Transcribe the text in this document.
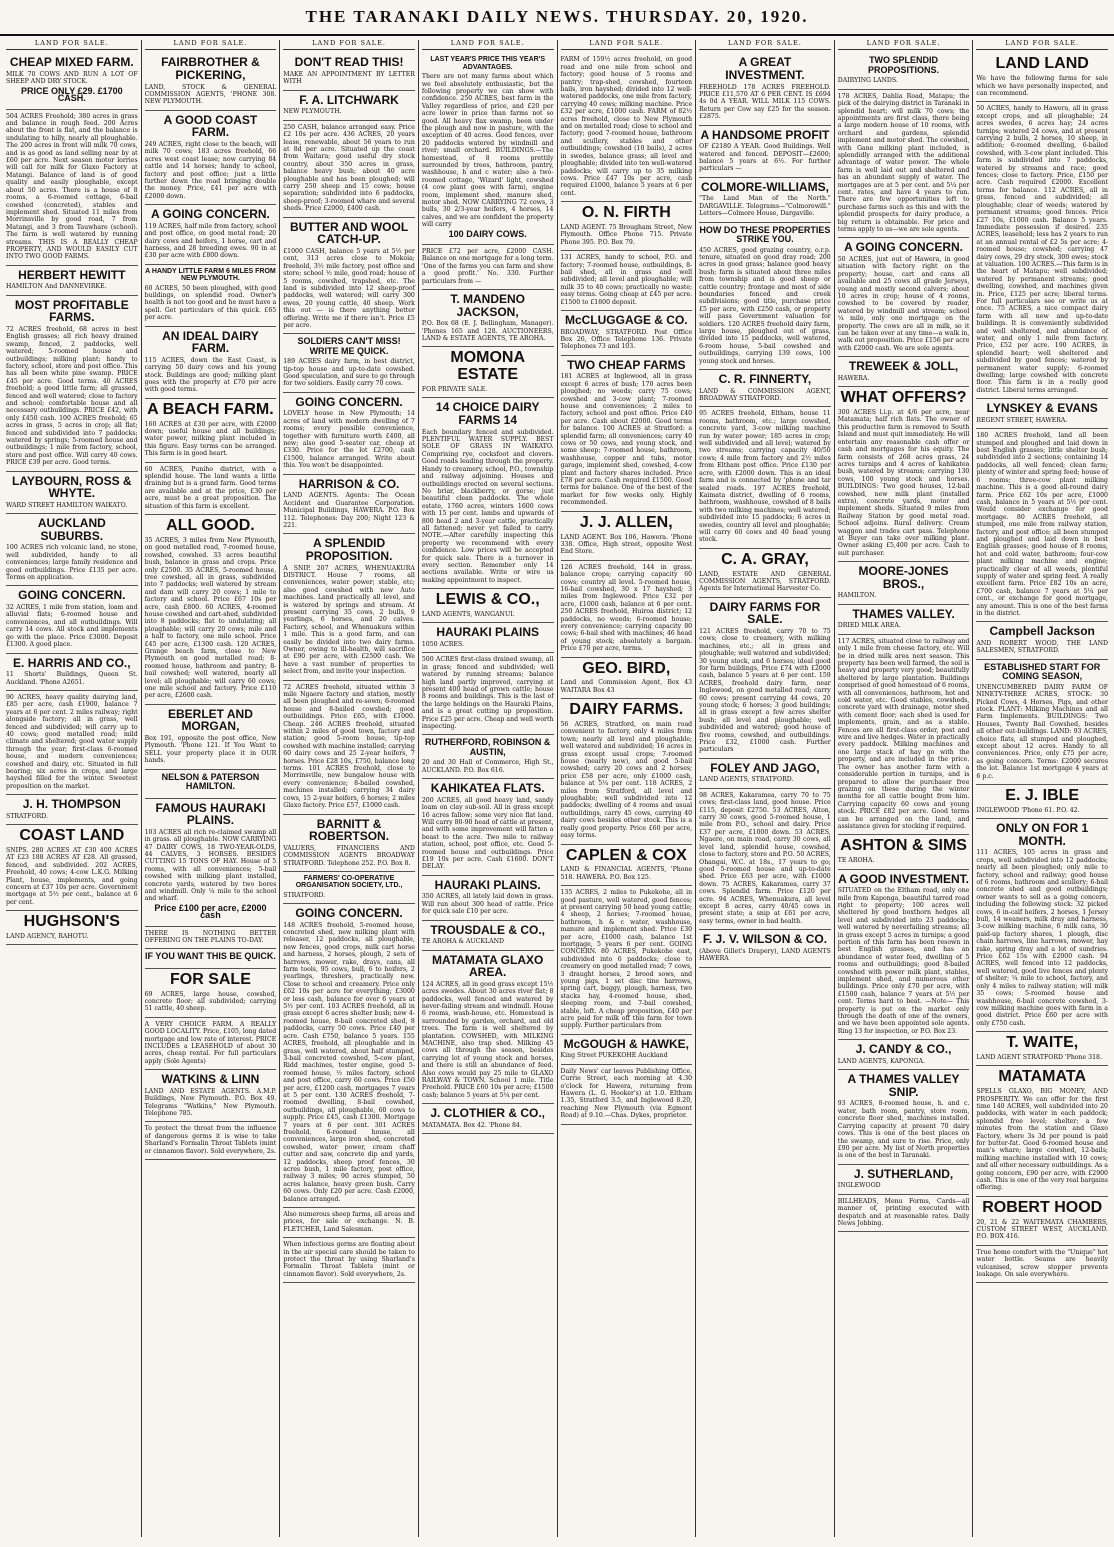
THE TARANAKI DAILY NEWS. THURSDAY. 20, 1920.
LAND FOR SALE.
CHEAP MIXED FARM.
MILK 70 COWS AND RUN A LOT OF SHEEP AND DRY STOCK.
PRICE ONLY £29. £1700 CASH.
504 ACRES Freehold; 380 acres in grass and balance in rough feed. 200 Acres about the front is flat, and the balance is undulating to hilly, nearly all ploughable. The 200 acres in front will milk 70 cows, and is as good as land selling near by at £60 per acre. Next season motor lorries will call for milk for Glaxo Factory at Matangi. Balance of land is of good quality and easily ploughable, except about 50 acres. There is a house of 8 rooms, a 6-roomed cottage, 6-bail cowshed (concreted), stables and implement shed. Situated 11 miles from Morrinsville by good road, 7 from Matangi, and 3 from Tauwhare (school). The farm is well watered by running streams. THIS IS A REALLY CHEAP PROPERTY, AND WOULD EASILY CUT INTO TWO GOOD FARMS.
HERBERT HEWITT
HAMILTON And DANNEVIRKE.
MOST PROFITABLE FARMS.
72 ACRES freehold, 68 acres in best English grasses; all rich heavy drained swamp, fenced, 2 paddocks, well watered; 5-roomed house and outbuildings; milking plant; handy to factory, school, store and post office. This has all been white pine swamp. PRICE £45 per acre. Good terms. 40 ACRES freehold; a good little farm; all grassed, fenced and well watered; close to factory and school; comfortable house and all necessary outbuildings. PRICE £42, with only £450 cash. 100 ACRES freehold; 65 acres in grass, 5 acres in crop; all flat; fenced and subdivided into 7 paddocks; watered by springs; 5-roomed house and outbuildings; 1 mile from factory, school, store and post office. Will carry 40 cows. PRICE £39 per acre. Good terms.
LAYBOURN, ROSS & WHYTE.
WARD STREET HAMILTON WAIKATO.
AUCKLAND SUBURBS.
100 ACRES rich volcanic land, no stone, well subdivided, handy to all conveniences; large family residence and good outbuildings. Price £135 per acre. Terms on application.
GOING CONCERN.
32 ACRES, 1 mile from station, loam and alluvial flats; 6-roomed house and conveniences, and all outbuildings. Will carry 14 cows. All stock and implements go with the place. Price £3000. Deposit £1300. A good place.
E. HARRIS AND CO.,
11 Shorts' Buildings, Queen St. Auckland. 'Phone A2651.
90 ACRES, heavy quality dairying land, £85 per acre, cash £1900, balance 7 years at 6 per cent. 2 miles railway; right alongside factory; all in grass, well fenced and subdivided; will carry up to 40 cows; good metalled road; mild climate and sheltered; good water supply through the year; first-class 6-roomed house, and modern conveniences; cowshed and dairy, etc. Situated in full bearing; six acres in crops, and large hayshed filled for the winter. Sweetest proposition on the market.
J. H. THOMPSON
STRATFORD.
COAST LAND
SNIPS. 280 ACRES AT £30 400 ACRES AT £23 188 ACRES AT £28. All grassed, fenced, and subdivided. 202 ACRES, Freehold, 40 cows; 4-cow L.K.G. Milking Plant, house, implements, and going concern at £37 10s per acre. Government mortgage at 5½ per cent., balance at 6 per cent.
HUGHSON'S
LAND AGENCY, RAHOTU.
LAND FOR SALE.
FAIRBROTHER & PICKERING,
LAND, STOCK & GENERAL COMMISSION AGENTS, 'PHONE 308. NEW PLYMOUTH.
A GOOD COAST FARM.
249 ACRES, right close to the beach, will milk 70 cows; 183 acres freehold, 66 acres west coast lease; now carrying 84 cattle and 14 horses; handy to school, factory and post office; just a little further down the road bringing double the money. Price, £41 per acre with £2000 down.
A GOING CONCERN.
119 ACRES, half mile from factory, school and post office, on good metal road; 20 dairy cows and heifers, 1 horse, cart and harness, and 28 breeding ewes. 90 in at £30 per acre with £800 down.
A HANDY LITTLE FARM 6 MILES FROM NEW PLYMOUTH.
60 ACRES, 50 been ploughed, with good buildings, on splendid road. Owner's health is not too good and he must have a spell. Get particulars of this quick. £65 per acre.
AN IDEAL DAIRY FARM.
115 ACRES, down the East Coast, is carrying 50 dairy cows and his young stock. Buildings are good; milking plant goes with the property at £70 per acre with good terms.
A BEACH FARM.
160 ACRES at £30 per acre, with £2000 down; useful house and all buildings; water power, milking plant included in this figure. Easy terms can be arranged. This farm is in good heart.
60 ACRES, Puniho district, with a splendid house. The land wants a little draining but is a grand farm. Good terms are available and at the price, £30 per acre, must be a great proposition. The situation of this farm is excellent.
ALL GOOD.
35 ACRES, 3 miles from New Plymouth, on good metalled road, 7-roomed house, cowshed, cowshed. 33 acres beautiful bush, balance in grass and crops. Price only £2500. 35 ACRES, 5-roomed house, tree cowshed, all in grass, subdivided into 7 paddocks; well watered by stream and dam will carry 20 cows; 1 mile to factory and school. Price £67 10s per acre, cash £800. 60 ACRES, 4-roomed house cowshed and cart-shed, subdivided into 8 paddocks; flat to undulating; all ploughable; will carry 20 cows; mile and a half to factory, one mile school. Price £45 per acre, £1300 cash. 120 ACRES, Grange beach farm, close to New Plymouth on good metalled road; 8-roomed house, bathroom and pantry; 8-bail cowshed; well watered, nearly all level; all ploughable; will carry 60 cows; one mile school and factory. Price £110 per acre, £2600 cash.
EBERLET AND MORGAN,
Box 191, opposite the post office, New Plymouth. 'Phone 121. If You Want to SELL your property place it in OUR hands.
NELSON & PATERSON HAMILTON.
FAMOUS HAURAKI PLAINS.
103 ACRES all rich re-claimed swamp all in grass. all ploughable. NOW CARRYING 47 DAIRY COWS, 18 TWO-YEAR-OLDS, 44 CALVES, 3 HORSES. BESIDES CUTTING 15 TONS OF HAY. House of 5 rooms, with all conveniences; 5-bail cowshed with milking plant installed, concrete yards, watered by two bores and windmill. Only ¼ mile to the school and wharf.
Price £100 per acre, £2000 cash
THERE IS NOTHING BETTER OFFERING ON THE PLAINS TO-DAY.
IF YOU WANT THIS BE QUICK.
FOR SALE
69 ACRES, large house, cowshed, concrete floor; all subdivided; carrying 51 cattle, 40 sheep.
A VERY CHOICE FARM. A REALLY GOOD LOCALITY. Price, £105, long dated mortgage and low rate of interest. PRICE INCLUDES a LEASEHOLD of about 30 acres, cheap rental. For full particulars apply (Sole Agents)
WATKINS & LINN
LAND AND ESTATE AGENTS. A.M.P. Buildings, New Plymouth. P.O. Box 49. Telegrams "Watkins," New Plymouth. Telephone 785.
To protect the throat from the influence of dangerous germs it is wise to take Sharland's Formalin Throat Tablets (mint or cinnamon flavor). Sold everywhere, 2s.
LAND FOR SALE.
DON'T READ THIS!
MAKE AN APPOINTMENT BY LETTER WITH
F. A. LITCHWARK
NEW PLYMOUTH.
250 CASH, balance arranged easy. Price £2 10s per acre. 436 ACRES, 20 years lease, renewable, about 56 years to run at 8d per acre. Situated up the coast from Waitara; good useful dry stock country, about 350 acres in grass, balance heavy bush; about 40 acre ploughable and has been ploughed; will carry 250 sheep and 15 cows; house separation; subdivided into 6 paddocks, sheep-proof; 3-roomed whare and several sheds. Price £2000, £400 cash.
BUTTER AND WOOL CATCH-UP.
£1000 CASH, balance 5 years at 5½ per cent, 313 acres close to Mokoia; freehold, 3½ mile factory, post office and store; school ½ mile, good road; house of 5 rooms, cowshed, trapshed, etc. The land is subdivided into 12 sheep-proof paddocks, well watered; will carry 300 ewes, 20 young cattle, 40 sheep. Work this out — is there anything better offering. Write me if there isn't. Price £5 per acre.
SOLDIERS CAN'T MISS! WRITE ME QUICK.
189 ACRES dairy farm, in best district, tip-top house and up-to-date cowshed. Good speculation, and sure to go through for two soldiers. Easily carry 70 cows.
GOING CONCERN.
LOVELY house in New Plymouth; 14 acres of land with modern dwelling of 7 rooms; every possible convenience, together with furniture worth £400, all new; also good 5-seater car, cheap at £330. Price for the lot £2700, cash £1500, balance arranged. Write about this. You won't be disappointed.
HARRISON & CO.
LAND AGENTS. Agents: The Ocean Accident and Guarantee Corporation. Municipal Buildings, HAWERA. P.O. Box 112. Telephones: Day 200; Night 123 & 221.
A SPLENDID PROPOSITION.
A SNIP. 207 ACRES, WHENUAKURA DISTRICT. House 7 rooms, all conveniences, water power; stable, etc; also good cowshed with new Auto machines. Land practically all level, and is watered by springs and stream. At present carrying 35 cows, 2 bulls, 9 yearlings, 6 horses, and 20 calves. Factory, school, and Whenuakura within 1 mile. This is a good farm, and can easily be divided into two dairy farms. Owner, owing to ill-health, will sacrifice at £90 per acre, with £2500 cash. We have a vast number of properties to select from, and invite your inspection.
72 ACRES freehold, situated within 3 mile Ngaere factory and station, mostly all been ploughed and re-sown; 6-roomed house and 8-bailed cowshed; good outbuildings. Price £65, with £1000. Cheap. 246 ACRES freehold, situated within 2 miles of good town, factory and station; good 5-room house, tip-top cowshed with machine installed; carrying 60 dairy cows and 25 2-year heifers, 7 horses. Price £28 10s, £750, balance long terms. 101 ACRES freehold, close to Morrinsville, new bungalow house with every convenience; 8-bailed cowshed, machines installed; carrying 34 dairy cows, 15 2-year heifers, 6 horses; 2 miles Glaxo factory. Price £57, £1000 cash.
BARNITT & ROBERTSON.
VALUERS, FINANCIERS AND COMMISSION AGENTS BROADWAY STRATFORD. Telephone 252. P.O. Box 8.
FARMERS' CO-OPERATIVE ORGANISATION SOCIETY, LTD.,
STRATFORD.
GOING CONCERN.
148 ACRES freehold, 5-roomed house, concreted shed, new milking plant with releaser, 12 paddocks, all ploughable, new fences, good crops, milk cart horse and harness, 2 horses, plough, 2 sets of harrows, mower, rake, drays, cans, all farm tools, 95 cows, bull, 6 to heifers, 2 yearlings, threshers, practically new. Close to school and creamery. Price only £62 10s per acre for everything; £3000 or less cash, balance for over 6 years at 5½ per cent. 103 ACRES freehold, all in grass except 6 acres shelter bush; new 4-roomed house, 8-bail concreted shed, 8 paddocks, carry 50 cows. Price £40 per acre. Cash £750, balance 5 years. 155 ACRES, freehold, all ploughable and in grass, well watered, about half stumped, 3-bail concreted cowshed, 5-cow plant, Ridd machines, tester engine, good 5-roomed house, ½ miles factory, school and post office, carry 60 cows. Price £50 per acre, £1200 cash, mortgages 7 years at 5 per cent. 130 ACRES freehold, 7-roomed dwelling, 8-bail cowshed, outbuildings, all ploughable, 60 cows to supply. Price £45, cash £1300. Mortgage 7 years at 6 per cent. 301 ACRES freehold, 6-roomed house, all conveniences, large iron shed, concreted cowshed, water power, cream chaff cutter and saw, concrete dip and yards, 12 paddocks, sheep proof fences, 30 acres bush, 1 mile factory, post office, railway 3 miles; 90 acres stumped, 50 acres balance, heavy green bush. Carry 60 cows. Only £20 per acre. Cash £2000, balance arranged.
Also numerous sheep farms, all areas and prices, for sale or exchange. N. B. FLETCHER, Land Salesman.
When infectious germs are floating about in the air special care should be taken to protect the throat by using Sharland's Formalin Throat Tablets (mint or cinnamon flavor). Sold everywhere, 2s.
LAND FOR SALE.
LAST YEAR'S PRICE THIS YEAR'S ADVANTAGES.
There are not many farms about which we feel absolutely enthusiastic, but the following property we can show with confidence. 250 ACRES, best farm in the Valley regardless of price, and £20 per acre lower in price than farms not so good. All heavy flax swamp, been under the plough and now in pasture, with the exception of 40 acres. Good fences, over 20 paddocks watered by windmill and river; small orchard. BUILDINGS.—The homestead, of 8 rooms prettily surrounded by trees, bathroom, pantry, washhouse, h and c water; also a two-roomed cottage, 'Wizard' light, cowshed (4 cow plant goes with farm), engine room, implement shed, manure shed, motor shed. NOW CARRYING 72 cows, 3 bulls, 30 2/3-year heifers, 4 horses, 14 calves, and we are confident the property will carry
100 DAIRY COWS.
PRICE £72 per acre, £2000 CASH. Balance on one mortgage for a long term. 'One of the farms you can farm and show a good profit.' No. 330. Further particulars from —
T. MANDENO JACKSON,
P.O. Box 68 (E. J. Bellingham, Manager). 'Phones 165 and 128. AUCTIONEERS, LAND & ESTATE AGENTS, TE AROHA.
MOMONA ESTATE
FOR PRIVATE SALE.
14 CHOICE DAIRY FARMS 14
Each boundary fenced and subdivided. PLENTIFUL WATER SUPPLY. BEST SOLE OF GRASS IN WAIKATO. Comprising rye, cocksfoot and clovers. Good roads leading through the property. Handy to creamery, school, P.O., township and railway adjoining. Houses and outbuildings erected on several sections. No briar, blackberry, or gorse; just beautiful clean paddocks. The whole estate, 1760 acres, winters 1600 cows with 15 per cent. lambs and upwards of 800 head 2 and 3-year cattle, practically all fattened; never yet failed to carry. NOTE.—After carefully inspecting this property we recommend with every confidence. Low prices will be accepted for quick sale. There is a turnover in every section. Remember only 14 sections available. Write or wire us making appointment to inspect.
LEWIS & CO.,
LAND AGENTS, WANGANUI.
HAURAKI PLAINS
1050 ACRES.
500 ACRES first-class drained swamp, all in grass; fenced and subdivided; well watered by running streams; balance high land partly improved, carrying at present 400 head of grown cattle; house 8 rooms and buildings. This is the last of the large holdings on the Hauraki Plains, and is a great cutting up proposition. Price £25 per acre. Cheap and well worth inspecting.
RUTHERFORD, ROBINSON & AUSTIN,
20 and 30 Hall of Commerce, High St., AUCKLAND. P.O. Box 616.
KAHIKATEA FLATS.
200 ACRES, all good heavy land, sandy loam on clay sub-soil. All in grass except 16 acres fallow; some very nice flat land. Will carry 80-90 head of cattle at present, and with some improvement will fatten a beast to the acre. Two mile to railway station, school, post office, etc. Good 5-roomed house and outbuildings. Price £19 10s per acre. Cash £1600. DON'T DELAY.
HAURAKI PLAINS.
350 ACRES, all lately laid down in grass. Will run about 300 head of cattle. Price for quick sale £10 per acre.
TROUSDALE & CO.,
TE AROHA & AUCKLAND
MATAMATA GLAXO AREA.
124 ACRES, all in good grass except 15½ acres swedes. About 30 acres river flat; 8 paddocks, well fenced and watered by never-failing stream and windmill. House 6 rooms, wash-house, etc. Homestead is surrounded by garden, orchard, and old trees. The farm is well sheltered by plantation. COWSHED, with MILKING MACHINE, also trap shed. Milking 45 cows all through the season, besides carrying lot of young stock and horses, and there is still an abundance of feed. Also cows would pay 25 mile to GLAXO RAILWAY & TOWN. School 1 mile. Title Freehold. PRICE £60 10s per acre; £1500 cash; balance 5 years at 5¼ per cent.
J. CLOTHIER & CO.,
MATAMATA. Box 42. 'Phone 84.
LAND FOR SALE.
FARM of 159½ acres freehold, on good road and one mile from school and factory; good house of 5 rooms and pantry; trap-shed, cowshed, fourteen bails, iron hayshed; divided into 12 well-watered paddocks, one mile from factory, carrying 40 cows; milking machine. Price £32 per acre, £1000 cash. FARM of 82½ acres freehold, close to New Plymouth and on metalled road; close to school and factory; good 7-roomed house, bathroom and scullery, stables and other outbuildings; cowshed (10 bails), 2 acres in swedes, balance grass; all level and ploughable; divided into ten well-watered paddocks; will carry up to 35 milking cows. Price £47 10s per acre, cash required £1000, balance 5 years at 6 per cent.
O. N. FIRTH
LAND AGENT. 75 Brougham Street, New Plymouth. Office Phone 715. Private Phone 395. P.O. Box 79.
131 ACRES, handy to school, P.O. and factory; 7-roomed house, outbuildings, 8-bail shed, all in grass and well subdivided; all level and ploughable; will milk 35 to 40 cows; practically no waste; easy terms. Going cheap at £45 per acre. £1500 to £1800 deposit.
McCLUGGAGE & CO.
BROADWAY, STRATFORD. Post Office Box 26, Office Telephone 136. Private Telephones 73 and 103.
TWO CHEAP FARMS
181 ACRES at Inglewood, all in grass except 6 acres of bush; 170 acres been ploughed; no weeds; carry 75 cows; cowshed and 3-cow plant; 7-roomed house and conveniences; 2 miles to factory, school and post office. Price £40 per acre. Cash about £2000. Good terms for balance. 100 ACRES at Stratford: a splendid farm; all conveniences; carry 40 cows or 50 cows, and young stock, and some sheep; 7-roomed house, bathroom, washhouse, copper and tubs, motor garage, implement shed, cowshed, 4-cow plant and factory shares included. Price £78 per acre. Cash required £1500. Good terms for balance. One of the best of the market for few weeks only. Highly recommended.
J. J. ALLEN,
LAND AGENT. Box 106, Hawera. 'Phone 338. Office, High street, opposite West End Store.
126 ACRES freehold, 144 in grass, balance crops; carrying capacity 60 cows; country all level. 5-roomed house, 16-bail cowshed, 30 x 17 hayshed; 3 miles from Inglewood. Price £32 per acre, £1000 cash, balance at 6 per cent. 250 ACRES freehold, Huiroa district; 12 paddocks, no weeds; 6-roomed house; every convenience; carrying capacity 80 cows; 6-bail shed with machines; 46 head of young stock; absolutely a bargain. Price £70 per acre, terms.
GEO. BIRD,
Land and Commission Agent, Box 43 WAITARA Box 43
DAIRY FARMS.
56 ACRES, Stratford, on main road convenient to factory, only 4 miles from town; nearly all level and ploughable; well watered and subdivided; 16 acres in grass except usual crops; 7-roomed house (nearly new), and good 5-bail cowshed; carry 20 cows and 2 horses; price £58 per acre, only £1000 cash, balance at 5¼ per cent. 118 ACRES, 2 miles from Stratford, all level and ploughable; well subdivided into 12 paddocks; dwelling of 4 rooms and usual outbuildings, carry 45 cows, carrying 40 dairy cows besides other stock. This is a really good property. Price £60 per acre, easy terms.
CAPLEN & COX
LAND & FINANCIAL AGENTS, 'Phone 518. HAWERA. P.O. Box 125.
135 ACRES, 2 miles to Pukekohe, all in good pasture, well watered, good fences; at present carrying 50 head young cattle; 4 sheep, 2 horses; 7-roomed house, bathroom, h & c water, washhouse, manure and implement shed. Price £30 per acre, £1000 cash, balance 1st mortgage, 5 years 6 per cent. GOING CONCERN. 80 ACRES, Pukekohe east, subdivided into 6 paddocks; close to creamery on good metalled road; 7 cows, 3 draught horses, 2 brood sows, and young pigs, 1 set disc tine harrows, spring cart, buggy, plough, harness, two stacks hay, 4-roomed house, shed, sleeping room, and 7-bail cowshed, stable, loft. A cheap proposition, £40 per acre paid for milk off this farm for town supply. Further particulars from
McGOUGH & HAWKE,
King Street PUKEKOHE Auckland
Daily News' car leaves Publishing Office, Currie Street, each morning at 4.30 o'clock for Hawera, returning from Hawera (L. G. Hooker's) at 1.0. Eltham 1.35, Stratford 3.5, and Inglewood 8.20, reaching New Plymouth (via Egmont Road) at 9.10.—Chas. Dykes, proprietor.
LAND FOR SALE.
A GREAT INVESTMENT.
FREEHOLD 178 ACRES FREEHOLD. PRICE £11,570 AT 6 PER CENT. IS £694 4s 0d A YEAR. WILL MILK 115 COWS. Return per Cow say £25 for the season. £2875.
A HANDSOME PROFIT
OF £2180 A YEAR. Good Buildings. Well watered and fenced. DEPOSIT—£2600; balance 5 years at 6½. For further particulars —
COLMORE-WILLIAMS,
"The Land Man of the North." DARGAVILLE. Telegrams—"Colmorewill." Letters—Colmore House, Dargaville.
HOW DO THESE PROPERTIES STRIKE YOU.
450 ACRES, good grazing country, o.r.p. tenure, situated on good dray road; 200 acres in good grass; balance good heavy bush; farm is situated about three miles from township and is good sheep or cattle country; frontage and most of side boundaries fenced and creek subdivisions; good title, purchase price £5 per acre, with £250 cash, or property will pass Government valuation for soldiers. 120 ACRES freehold dairy farm, large house, ploughed out of grass, divided into 15 paddocks, well watered, 6-room house, 5-bail cowshed and outbuildings, carrying 139 cows, 100 young stock and horses.
C. R. FINNERTY,
LAND & COMMISSION AGENT, BROADWAY STRATFORD.
95 ACRES freehold, Eltham, house 11 rooms, bathroom, etc.; large cowshed, concrete yard, 3-cow milking machine run by water power; 185 acres in crop; well subdivided and all level; watered by two streams; carrying capacity 40/50 cows; 4 mile from factory and 2½ miles from Eltham post office. Price £130 per acre, with £2000 down. This is an ideal farm and is connected by 'phone and tar sealed roads. 197 ACRES freehold, Kaimata district, dwelling of 6 rooms, bathroom, washhouse, cowshed of 8 bails with two milking machines; well watered; subdivided into 15 paddocks; 6 acres in swedes, country all level and ploughable; will carry 60 cows and 40 head young stock.
C. A. GRAY,
LAND, ESTATE AND GENERAL COMMISSION AGENTS, STRATFORD. Agents for International Harvester Co.
DAIRY FARMS FOR SALE.
121 ACRES freehold, carry 70 to 75 cows; close to creamery, with milking machines, etc.; all in grass and ploughable; well watered and subdivided; 30 young stock, and 6 horses; ideal good for farm buildings, Price £74 with £2000 cash, balance 5 years at 6 per cent. 159 ACRES, freehold dairy farm, near Inglewood, on good metalled road; carry 60 cows; present carrying 44 cows, 20 young stock; 6 horses; 3 good buildings; all in grass except a few acres shelter bush; all level and ploughable; well subdivided and watered; good house of five rooms, cowshed, and outbuildings. Price £32, £1000 cash. Further particulars
FOLEY AND JAGO,
LAND AGENTS, STRATFORD.
98 ACRES, Kakaramea, carry 70 to 75 cows; first-class land, good house. Price £115, deposit £2750. 53 ACRES, Alton, carry 30 cows, good 5-roomed house, 1 mile from P.O., school and dairy. Price £37 per acre, £1000 down. 53 ACRES, Ngaere, on main road, carry 30 cows, all level land, splendid house, cowshed, close to factory, store and P.O. 50 ACRES, Ohangai, W.C. at 18s., 17 years to go; good 5-roomed house and up-to-date shed. Price £63 per acre, with £1000 down. 75 ACRES, Kakaramea, carry 37 cows. Splendid farm. Price £120 per acre. 94 ACRES, Whenuakura, all level except 8 acres, carry 40/45 cows in present state; a snip at £61 per acre, easy terms, owner in bad health.
F. J. V. WILSON & CO.
(Above Gillet's Drapery), LAND AGENTS HAWERA
LAND FOR SALE.
TWO SPLENDID PROPOSITIONS.
DAIRYING LANDS.
178 ACRES, Dahlia Road, Matapu; the pick of the dairying district in Taranaki in splendid heart; will milk 70 cows; the appointments are first class, there being a large modern house of 10 rooms, with orchard and gardens, splendid implement and motor shed. The cowshed, with Gane milking plant included, is splendidly arranged with the additional advantage of water power. The whole farm is well laid out and sheltered and has an abundant supply of water. The mortgages are at 5 per cent. and 5¼ per cent. rates, and have 4 years to run. There are few opportunities left to purchase farms such as this and with the splendid prospects for dairy produce, a big return is obtainable. For price and terms apply to us—we are sole agents.
A GOING CONCERN.
50 ACRES, just out of Hawera, in good situation with factory right on the property; house, cart and cans all available and 25 cows all grade Jerseys, young and mostly second calvers; about 10 acres in crop; house of 4 rooms, cowshed to be covered by reader, watered by windmill and stream; school ¼ mile, only one mortgage on the property. The cows are all in milk, so it can be taken over at any time—a walk in, walk out proposition. Price £156 per acre with £2000 cash. We are sole agents.
TREWEEK & JOLL,
HAWERA.
WHAT OFFERS?
300 ACRES l.i.p. at 4/6 per acre, near Matamata; half rich flats. The owner of this productive farm is removed to South Island and must quit immediately. He will entertain any reasonable cash offer or cash and mortgages for his equity. The farm consists of 268 acres grass, 24 acres turnips and 4 acres of kahikatea bush, watered by streams; carrying 130 cows, 100 young stock and horses. BUILDINGS: Two good houses, 12-bail cowshed, new milk plant (installed extra), concrete yards, motor and implement sheds. Situated 9 miles from Railway Station by good metal road. School adjoins. Rural delivery. Cream waggon and trades cart pass. Telephone at Buyer can take over milking plant. Owner asking £5,400 per acre. Cash to suit purchaser.
MOORE-JONES BROS.,
HAMILTON.
THAMES VALLEY.
DRIED MILK AREA.
117 ACRES, situated close to railway and only 1 mile from cheese factory, etc. Will be in dried milk area next season. This property has been well farmed, the soil is heavy and property very good; beautifully sheltered by large plantation. Buildings comprised of good homestead of 6 rooms, with all conveniences, bathroom, hot and cold water, etc. Good stables, cowsheds, concrete yard with drainage, motor shed with cement floor; each shed is used for implements, grain, and as a stable. Fences are all first-class order, post and wire and live hedges. Water in practically every paddock. Milking machines and one large stack of hay go with the property, and are included in the price. The owner has another farm with a considerable portion in turnips, and is prepared to allow the purchaser free grazing on these during the winter months for all cattle bought from him. Carrying capacity 60 cows and young stock. PRICE £82 per acre. Good terms can be arranged on the land, and assistance given for stocking if required.
ASHTON & SIMS
TE AROHA.
A GOOD INVESTMENT.
SITUATED on the Eltham road, only one mile from Kaponga, beautiful tarred road right to property; 100 acres well sheltered by good boxthorn hedges all level and subdivided into 23 paddocks; well watered by neverfailing streams; all in grass except 5 acres in turnips; a good portion of this farm has been resown in best English grasses, and has an abundance of water feed, dwelling of 5 rooms and outbuildings; good 8-bailed cowshed with power milk plant, stables, implement shed, and numerous other buildings. Price only £70 per acre, with £1500 cash, balance 7 years at 5½ per cent. Terms hard to beat. —Note— This property is put on the market only through the death of one of the owners, and we have been appointed sole agents. Ring 13 for inspection, or P.O. Box 23.
J. CANDY & CO.,
LAND AGENTS, KAPONGA.
A THAMES VALLEY SNIP.
93 ACRES, 8-roomed house, h. and c. water, bath room, pantry, store room, concrete floor shed, machines installed. Carrying capacity at present 70 dairy cows. This is one of the best places on the swamp, and sure to rise. Price, only £90 per acre. My list of North properties is one of the best in Taranaki.
J. SUTHERLAND,
INGLEWOOD
BILLHEADS, Menu Forms, Cards—all manner of, printing executed with despatch and at reasonable rates. Daily News Jobbing.
LAND FOR SALE.
LAND LAND
We have the following farms for sale which we have personally inspected, and can recommend.
50 ACRES, handy to Hawera, all in grass except crops, and all ploughable; 24 acres swedes, 6 acres hay; 24 acres turnips; watered 24 cows, and at present carrying 2 bulls, 2 horses, 10 sheep, in addition; 6-roomed dwelling, 6-bailed cowshed, with 3-cow plant included. This farm is subdivided into 7 paddocks, watered by streams and race; good fences; close to factory. Price, £150 per acre. Cash required £2000. Excellent terms for balance. 112 ACRES, all in grass, fenced and subdivided; all ploughable; clear of weeds; watered by permanent streams; good fences. Price £27 10s, £1000 cash. Balance 5 years. Immediate possession if desired. 235 ACRES, leasehold; less has 2 years to run at an annual rental of £2 5s per acre; 4-roomed house; cowshed; carrying 47 dairy cows, 29 dry stock, 300 ewes; stock at valuation. 100 ACRES.—This farm is in the heart of Matapu; well subdivided; watered by permanent streams; good dwelling, cowshed, and machines given in. Price, £125 per acre; liberal terms. For full particulars see or write us at once. 75 ACRES, a nice compact dairy farm with all new and up-to-date buildings. It is conveniently subdivided and well sheltered, and abundance of water, and only 1 mile from factory. Price, £52 per acre. 190 ACRES, in splendid heart; well sheltered and subdivided by good fences; watered by permanent water supply; 6-roomed dwelling; large cowshed with concrete floor. This farm is in a really good district. Liberal terms arranged.
LYNSKEY & EVANS
REGENT STREET, HAWERA.
180 ACRES freehold, land all been stumped and ploughed and laid down in best English grasses; little shelter bush; subdivided into 2 sections; containing 14 paddocks, all well fenced; clean farm; plenty of winter and spring feed; house of 6 rooms; three-cow plant milking machine. This is a good all-round dairy farm. Price £62 10s per acre, £1000 cash, balance in 5 years at 5½ per cent. Would consider exchange for good mortgage. 80 ACRES freehold, all stumped, one mile from railway station, factory, and post office; all been stumped and ploughed and laid down in best English grasses; good house of 8 rooms, hot and cold water, bathroom; four-cow plant milking machine and engine; practically clear of all weeds, plentiful supply of water and spring feed. A really excellent farm. Price £82 10s an acre, £700 cash, balance 7 years at 5¼ per cent., or exchange for good mortgage, any amount. This is one of the best farms in the district.
Campbell Jackson
AND ROBERT WOOD, THE LAND SALESMEN, STRATFORD.
ESTABLISHED START FOR COMING SEASON,
UNENCUMBERED DAIRY FARM OF NINETY-THREE ACRES, STOCK: 30 Picked Cows, 4 Horses, Pigs, and other stock. PLANT: Milking Machines and all Farm Implements. BUILDINGS: Two Houses, Twenty Bail Cowshed, besides all other out-buildings. LAND: 93 ACRES, choice flats, all stumped and ploughed, except about 12 acres. Handy to all conveniences. Price, only £75 per acre, as going concern. Terms: £2000 secures the lot. Balance 1st mortgage 4 years at 6 p.c.
E. J. IBLE
INGLEWOOD 'Phone 61. P.O. 42.
ONLY ON FOR 1 MONTH.
111 ACRES, 105 acres in grass and crops, well subdivided into 12 paddocks; nearly all been ploughed; only mile to factory, school and railway; good house of 6 rooms, bathroom and scullery; 6-bail concrete shed and good outbuildings; owner wants to sell as a going concern, including the following stock: 32 picked cows, 6 in-calf heifers, 2 horses, 1 Jersey bull, 14 weaners, milk dray and harness, 3-cow milking machine, 6 milk cans, 30 paid-up factory shares, 1 plough, disc chain harrows, line harrows, mower, hay rake, spring dray and a lot of sundries. Price £62 15s with £2000 cash. 94 ACRES, well fenced into 12 paddocks, well watered, good live fences and plenty of shelter; ¼ mile to school, factory, and only 4 miles to railway station; will milk 35 cows; 5-roomed house and washhouse, 6-bail concrete cowshed, 3-cow milking machine goes with farm in a good district. Price £60 per acre with only £750 cash.
T. WAITE,
LAND AGENT STRATFORD 'Phone 318.
MATAMATA
SPELLS GLAXO, BIG MONEY, AND PROSPERITY. We can offer for the first time 140 ACRES, well subdivided into 20 paddocks, with water in each paddock; splendid free level; shelter; a few minutes from the station and Glaxo Factory, where 3s 3d per pound is paid for butter-fat. Good 6-roomed house and man's whare; large cowshed, 12-bails; milking machine installed with 10 cows; and all other necessary outbuildings. As a going concern, £90 per acre, with £2900 cash. This is one of the very real bargains offering.
ROBERT HOOD
20, 21 & 22 WAITEMATA CHAMBERS, CUSTOM STREET WEST, AUCKLAND. P.O. BOX 416.
True home comfort with the "Unique" hot water bottle. Seams are heavily vulcanised, screw stopper prevents leakage. On sale everywhere.
